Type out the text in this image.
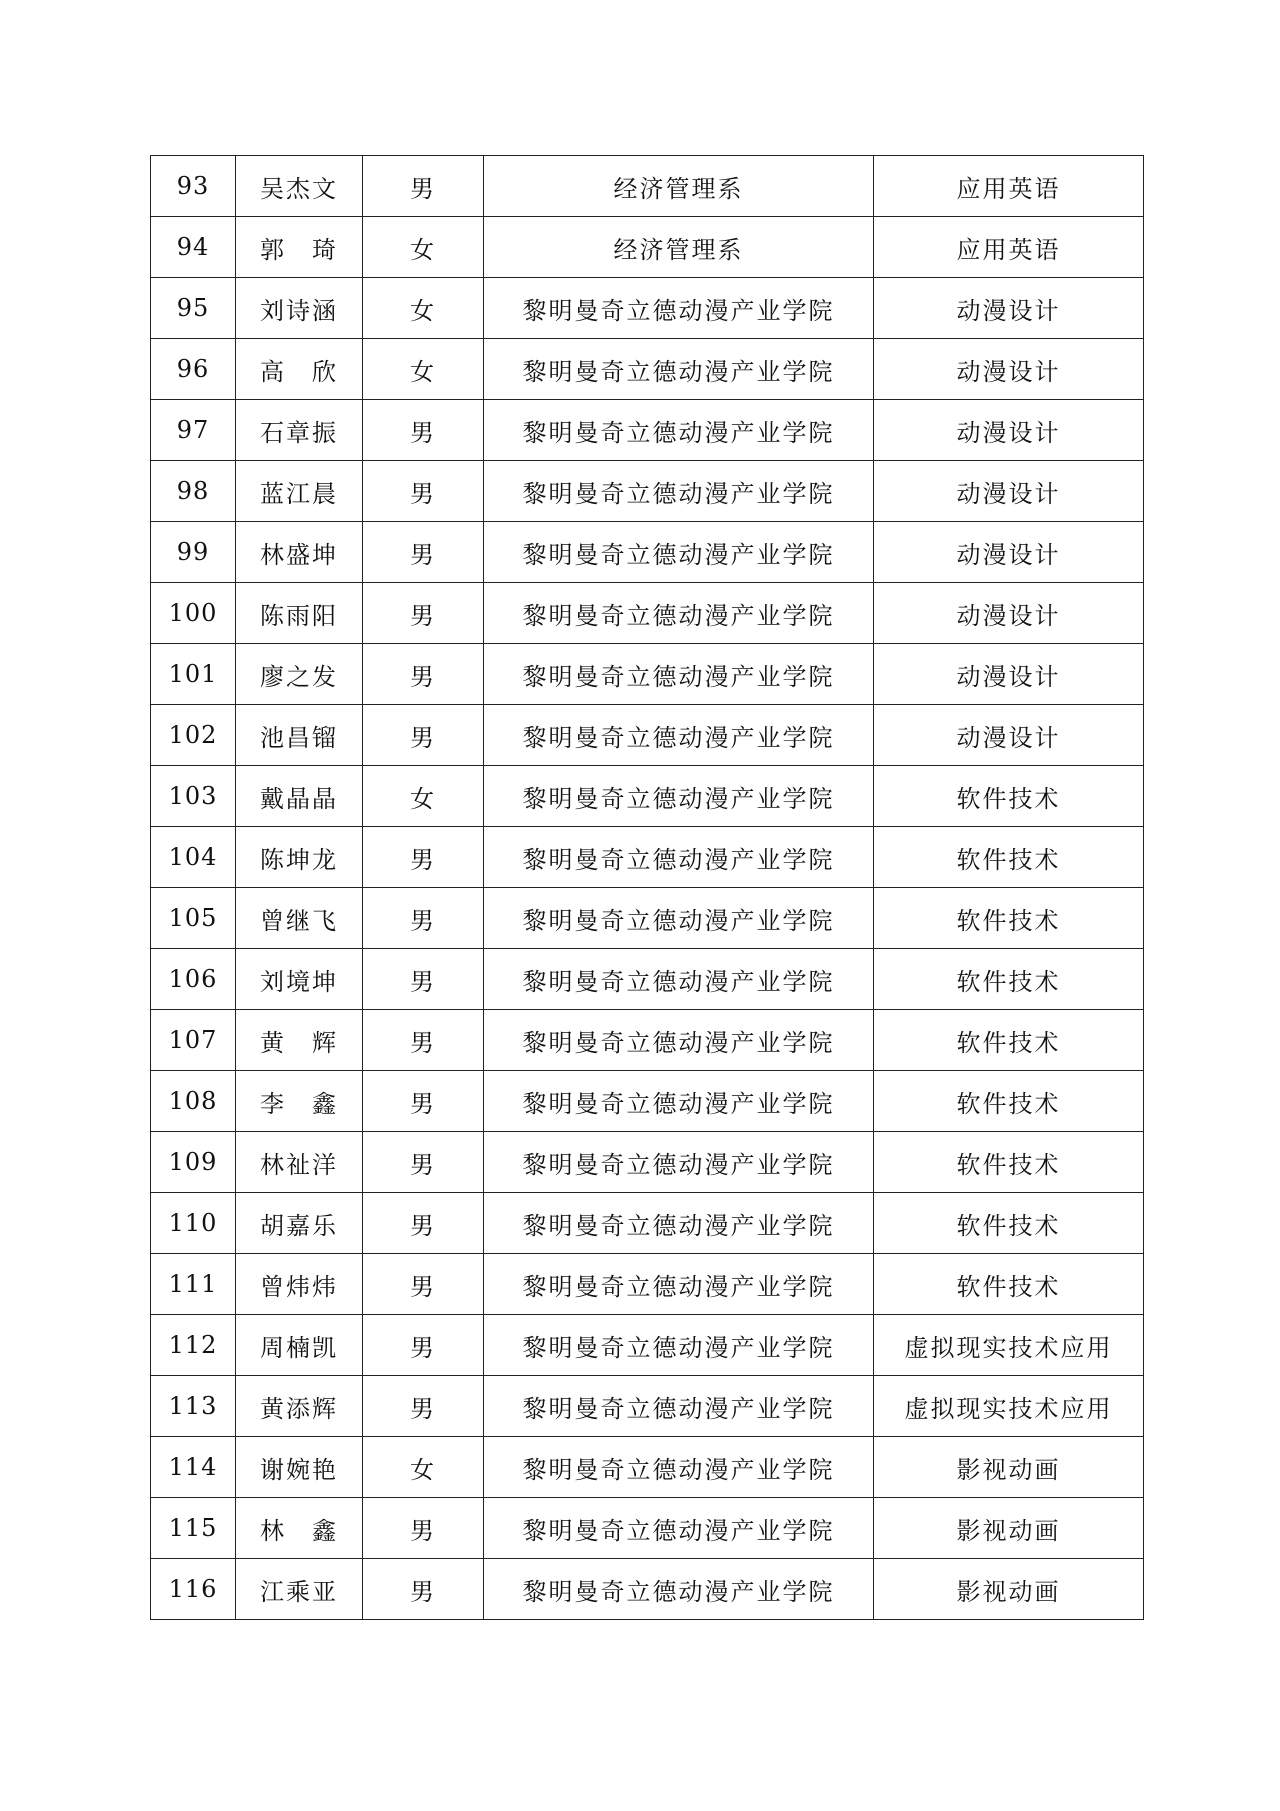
93	吴杰文	男	经济管理系	应用英语
94	郭　琦	女	经济管理系	应用英语
95	刘诗涵	女	黎明曼奇立德动漫产业学院	动漫设计
96	高　欣	女	黎明曼奇立德动漫产业学院	动漫设计
97	石章振	男	黎明曼奇立德动漫产业学院	动漫设计
98	蓝江晨	男	黎明曼奇立德动漫产业学院	动漫设计
99	林盛坤	男	黎明曼奇立德动漫产业学院	动漫设计
100	陈雨阳	男	黎明曼奇立德动漫产业学院	动漫设计
101	廖之发	男	黎明曼奇立德动漫产业学院	动漫设计
102	池昌镏	男	黎明曼奇立德动漫产业学院	动漫设计
103	戴晶晶	女	黎明曼奇立德动漫产业学院	软件技术
104	陈坤龙	男	黎明曼奇立德动漫产业学院	软件技术
105	曾继飞	男	黎明曼奇立德动漫产业学院	软件技术
106	刘境坤	男	黎明曼奇立德动漫产业学院	软件技术
107	黄　辉	男	黎明曼奇立德动漫产业学院	软件技术
108	李　鑫	男	黎明曼奇立德动漫产业学院	软件技术
109	林祉洋	男	黎明曼奇立德动漫产业学院	软件技术
110	胡嘉乐	男	黎明曼奇立德动漫产业学院	软件技术
111	曾炜炜	男	黎明曼奇立德动漫产业学院	软件技术
112	周楠凯	男	黎明曼奇立德动漫产业学院	虚拟现实技术应用
113	黄添辉	男	黎明曼奇立德动漫产业学院	虚拟现实技术应用
114	谢婉艳	女	黎明曼奇立德动漫产业学院	影视动画
115	林　鑫	男	黎明曼奇立德动漫产业学院	影视动画
116	江乘亚	男	黎明曼奇立德动漫产业学院	影视动画
